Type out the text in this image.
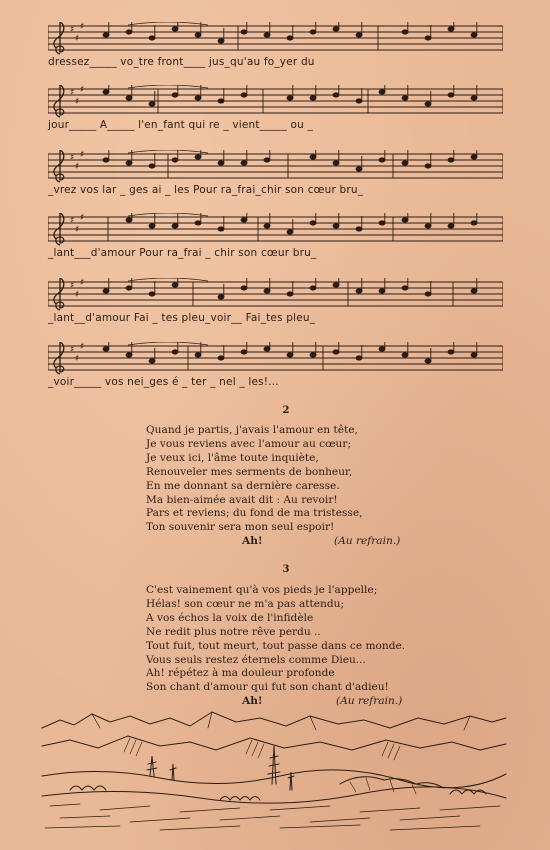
♯
♯
♯
dressez_____ vo_tre front____ jus_qu'au fo_yer du
♯
♯
♯
jour_____ A_____ l'en_fant qui re _ vient_____ ou _
♯
♯
♯
_vrez vos lar _ ges ai _ les Pour ra_frai_chir son cœur bru_
♯
♯
♯
_lant___d'amour Pour ra_frai _ chir son cœur bru_
♯
♯
♯
_lant__d'amour Fai _ tes pleu_voir__ Fai_tes pleu_
♯
♯
♯
_voir_____ vos nei_ges é _ ter _ nel _ les!...
2

Quand je partis, j'avais l'amour en tête,

Je vous reviens avec l'amour au cœur;

Je veux ici, l'âme toute inquiète,

Renouveler mes serments de bonheur,

En me donnant sa dernière caresse.

Ma bien-aimée avait dit : Au revoir!

Pars et reviens; du fond de ma tristesse,

Ton souvenir sera mon seul espoir!

Ah!	(Au refrain.)
3

C'est vainement qu'à vos pieds je l'appelle;

Hélas! son cœur ne m'a pas attendu;

A vos échos la voix de l'infidèle

Ne redit plus notre rêve perdu ..

Tout fuit, tout meurt, tout passe dans ce monde.

Vous seuls restez éternels comme Dieu...

Ah! répétez à ma douleur profonde

Son chant d'amour qui fut son chant d'adieu!

Ah!	(Au refrain.)
